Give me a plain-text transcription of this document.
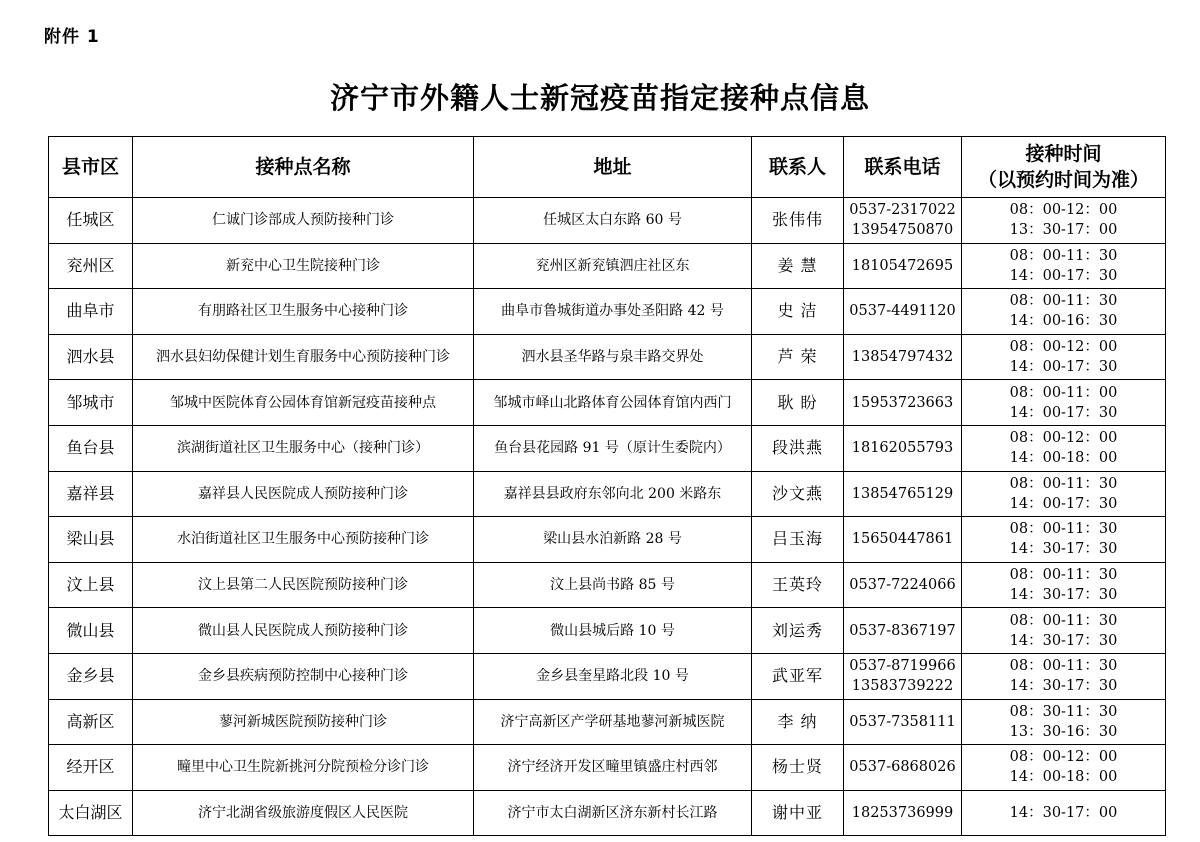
附件 1
济宁市外籍人士新冠疫苗指定接种点信息
县市区	接种点名称	地址	联系人	联系电话	接种时间
（以预约时间为准）

任城区	仁诚门诊部成人预防接种门诊	任城区太白东路 60 号	张伟伟	0537-2317022
13954750870	08：00-12：00
13：30-17：00

兖州区	新兖中心卫生院接种门诊	兖州区新兖镇泗庄社区东	姜 慧	18105472695	08：00-11：30
14：00-17：30

曲阜市	有朋路社区卫生服务中心接种门诊	曲阜市鲁城街道办事处圣阳路 42 号	史 洁	0537-4491120	08：00-11：30
14：00-16：30

泗水县	泗水县妇幼保健计划生育服务中心预防接种门诊	泗水县圣华路与泉丰路交界处	芦 荣	13854797432	08：00-12：00
14：00-17：30

邹城市	邹城中医院体育公园体育馆新冠疫苗接种点	邹城市峄山北路体育公园体育馆内西门	耿 盼	15953723663	08：00-11：00
14：00-17：30

鱼台县	滨湖街道社区卫生服务中心（接种门诊）	鱼台县花园路 91 号（原计生委院内）	段洪燕	18162055793	08：00-12：00
14：00-18：00

嘉祥县	嘉祥县人民医院成人预防接种门诊	嘉祥县县政府东邻向北 200 米路东	沙文燕	13854765129	08：00-11：30
14：00-17：30

梁山县	水泊街道社区卫生服务中心预防接种门诊	梁山县水泊新路 28 号	吕玉海	15650447861	08：00-11：30
14：30-17：30

汶上县	汶上县第二人民医院预防接种门诊	汶上县尚书路 85 号	王英玲	0537-7224066	08：00-11：30
14：30-17：30

微山县	微山县人民医院成人预防接种门诊	微山县城后路 10 号	刘运秀	0537-8367197	08：00-11：30
14：30-17：30

金乡县	金乡县疾病预防控制中心接种门诊	金乡县奎星路北段 10 号	武亚军	0537-8719966
13583739222	08：00-11：30
14：30-17：30

高新区	蓼河新城医院预防接种门诊	济宁高新区产学研基地蓼河新城医院	李 纳	0537-7358111	08：30-11：30
13：30-16：30

经开区	疃里中心卫生院新挑河分院预检分诊门诊	济宁经济开发区疃里镇盛庄村西邻	杨士贤	0537-6868026	08：00-12：00
14：00-18：00

太白湖区	济宁北湖省级旅游度假区人民医院	济宁市太白湖新区济东新村长江路	谢中亚	18253736999	14：30-17：00
